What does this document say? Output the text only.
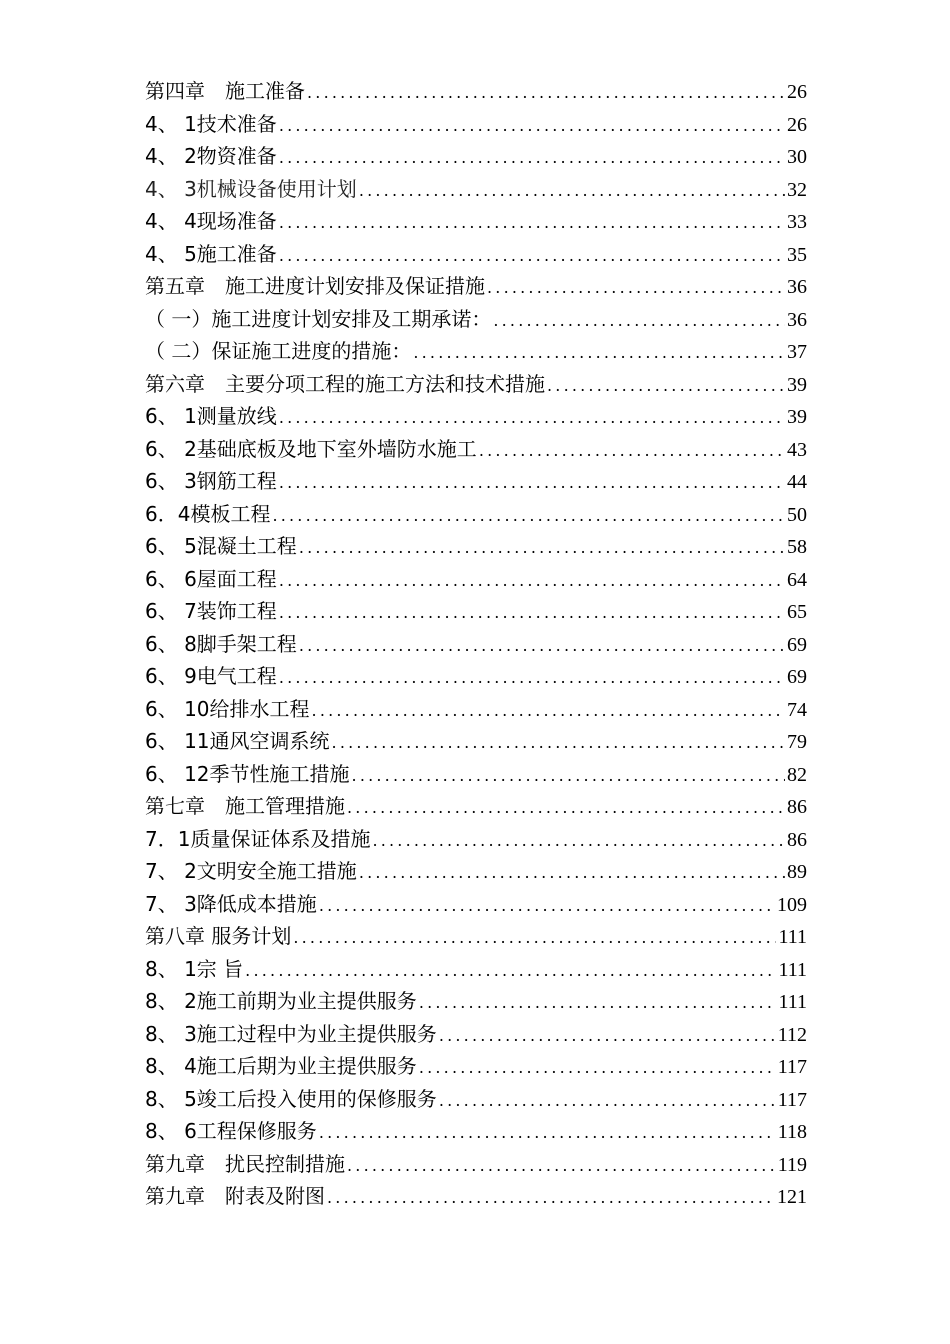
第四章　施工准备 .....	26
4、 1技术准备 .....	26
4、 2物资准备 .....	30
4、 3机械设备使用计划 .....	32
4、 4现场准备 .....	33
4、 5施工准备 .....	35
第五章　施工进度计划安排及保证措施 .....	36
（ 一）施工进度计划安排及工期承诺： .....	36
（ 二）保证施工进度的措施： .....	37
第六章　主要分项工程的施工方法和技术措施 .....	39
6、 1测量放线 .....	39
6、 2基础底板及地下室外墙防水施工 .....	43
6、 3钢筋工程 .....	44
6．4模板工程 .....	50
6、 5混凝土工程 .....	58
6、 6屋面工程 .....	64
6、 7装饰工程 .....	65
6、 8脚手架工程 .....	69
6、 9电气工程 .....	69
6、 10给排水工程 .....	74
6、 11通风空调系统 .....	79
6、 12季节性施工措施 .....	82
第七章　施工管理措施 .....	86
7．1质量保证体系及措施 .....	86
7、 2文明安全施工措施 .....	89
7、 3降低成本措施 .....	109
第八章 服务计划 .....	111
8、 1宗 旨 .....	111
8、 2施工前期为业主提供服务 .....	111
8、 3施工过程中为业主提供服务 .....	112
8、 4施工后期为业主提供服务 .....	117
8、 5竣工后投入使用的保修服务 .....	117
8、 6工程保修服务 .....	118
第九章　扰民控制措施 .....	119
第九章　附表及附图 .....	121
